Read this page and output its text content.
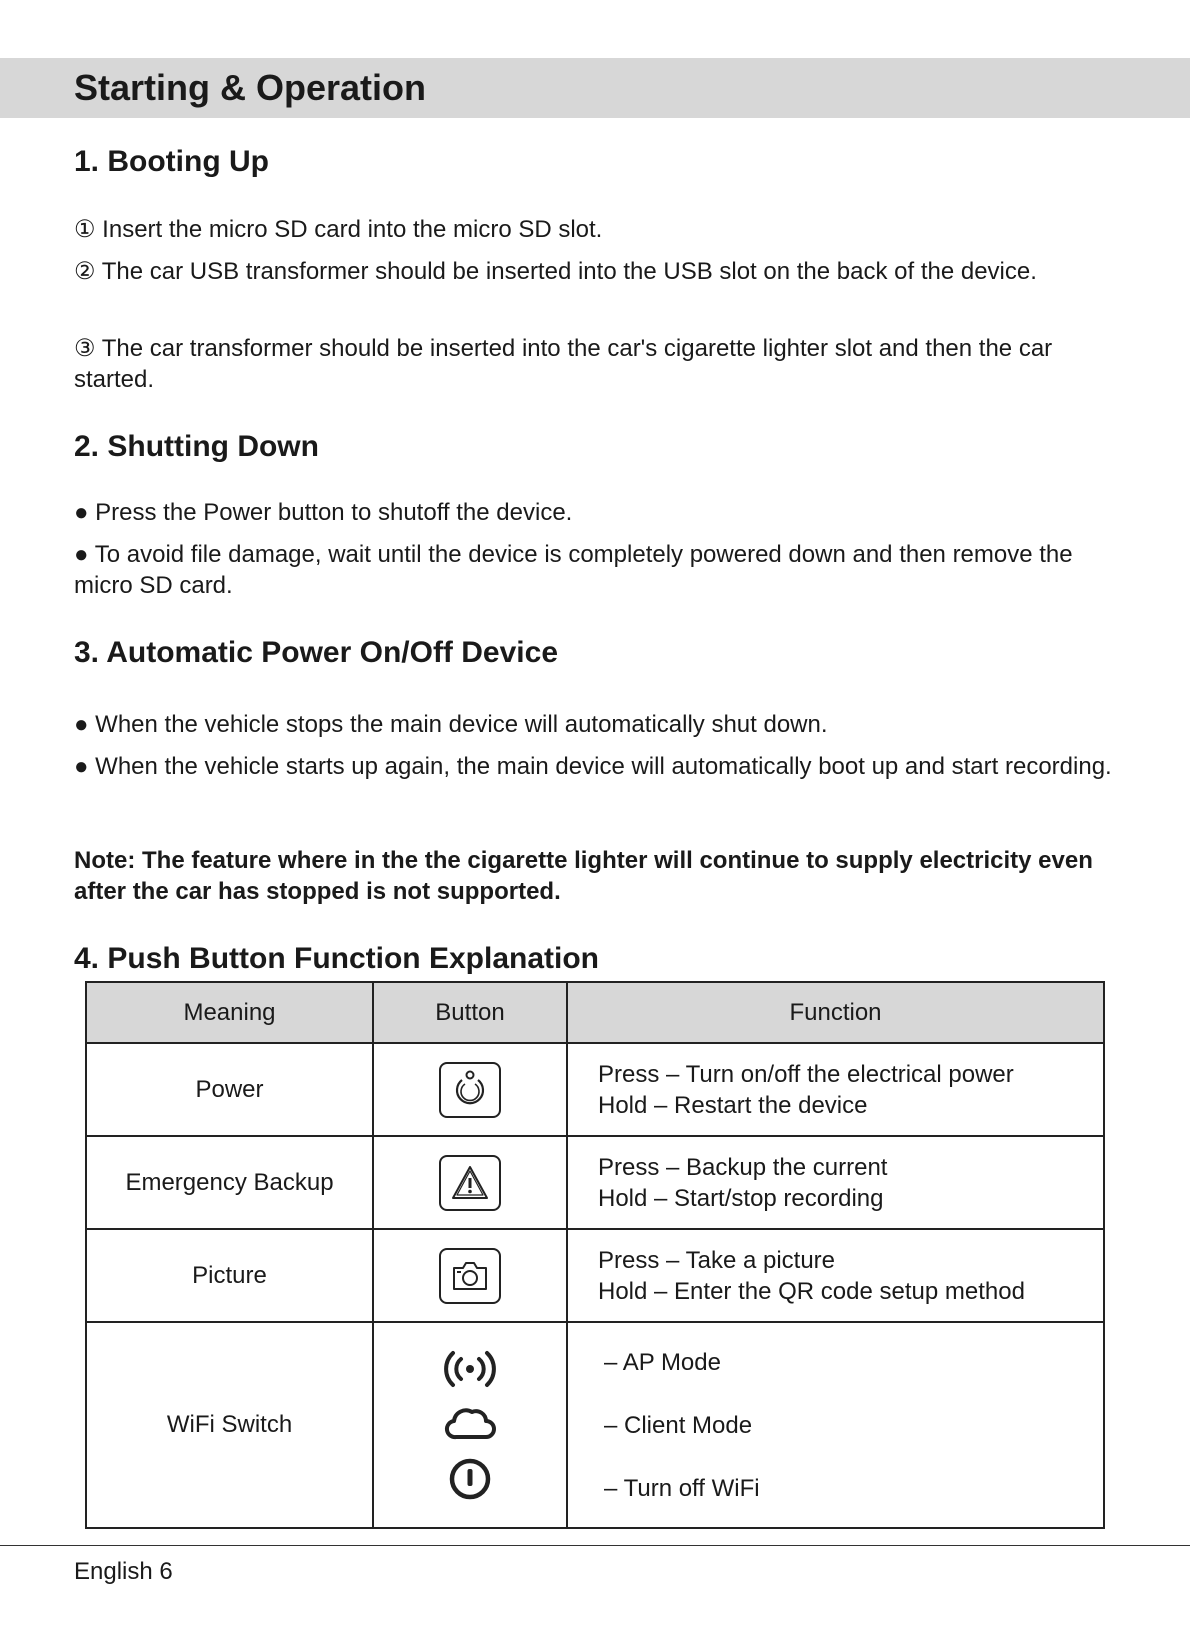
Starting & Operation
1. Booting Up

① Insert the micro SD card into the micro SD slot.

② The car USB transformer should be inserted into the USB slot on the back of the device.

③ The car transformer should be inserted into the car's cigarette lighter slot and then the car started.

2. Shutting Down

● Press the Power button to shutoff the device.

● To avoid file damage, wait until the device is completely powered down and then remove the micro SD card.

3. Automatic Power On/Off Device

● When the vehicle stops the main device will automatically shut down.

● When the vehicle starts up again, the main device will automatically boot up and start recording.

Note: The feature where in the the cigarette lighter will continue to supply electricity even after the car has stopped is not supported.

4. Push Button Function Explanation
Meaning	Button	Function
Power		Press – Turn on/off the electrical power
Hold – Restart the device

Emergency Backup		Press – Backup the current
Hold – Start/stop recording

Picture		Press – Take a picture
Hold – Enter the QR code setup method

WiFi Switch		– AP Mode
– Client Mode
– Turn off WiFi

English 6
